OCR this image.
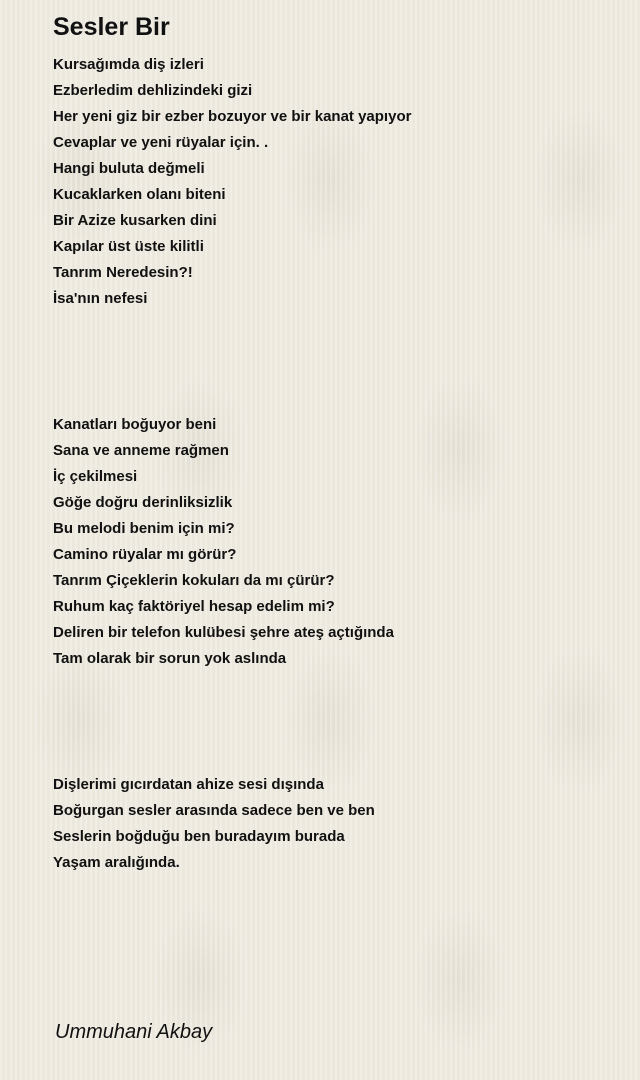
Sesler Bir
Kursağımda diş izleri
Ezberledim dehlizindeki gizi
Her yeni giz bir ezber bozuyor ve bir kanat yapıyor
Cevaplar ve yeni rüyalar için. .
Hangi buluta değmeli
Kucaklarken olanı biteni
Bir Azize kusarken dini
Kapılar üst üste kilitli
Tanrım Neredesin?!
İsa'nın nefesi
Kanatları boğuyor beni
Sana ve anneme rağmen
İç çekilmesi
Göğe doğru derinliksizlik
Bu melodi benim için mi?
Camino rüyalar mı görür?
Tanrım Çiçeklerin kokuları da mı çürür?
Ruhum kaç faktöriyel hesap edelim mi?
Deliren bir telefon kulübesi şehre ateş açtığında
Tam olarak bir sorun yok aslında
Dişlerimi gıcırdatan ahize sesi dışında
Boğurgan sesler arasında sadece ben ve ben
Seslerin boğduğu ben buradayım burada
Yaşam aralığında.
Ummuhani Akbay
